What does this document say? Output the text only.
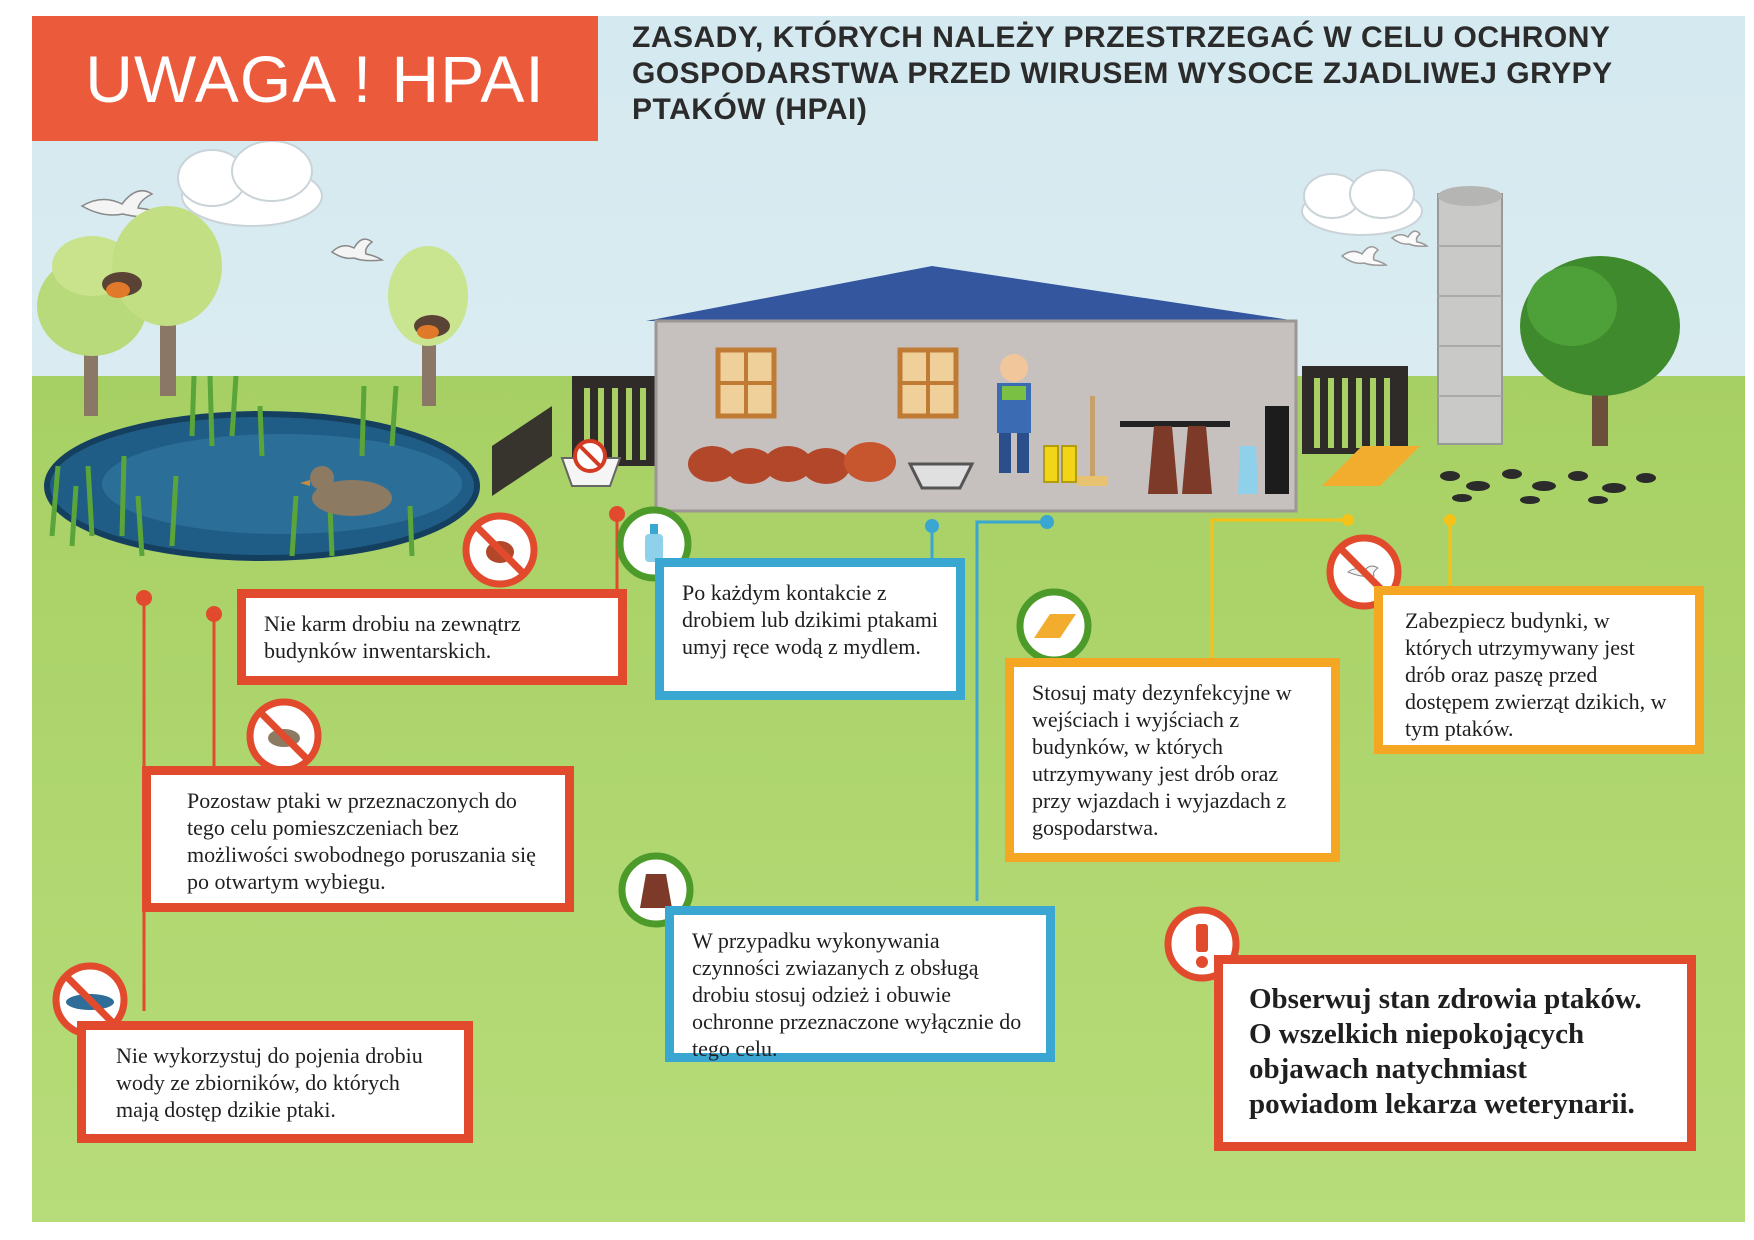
UWAGA ! HPAI
ZASADY, KTÓRYCH NALEŻY PRZESTRZEGAĆ W CELU OCHRONY GOSPODARSTWA PRZED WIRUSEM WYSOCE ZJADLIWEJ GRYPY PTAKÓW (HPAI)
Nie karm drobiu na zewnątrz budynków inwentarskich.
Po każdym kontakcie z drobiem lub dzikimi ptakami umyj ręce wodą z mydlem.
Pozostaw ptaki w przeznaczonych do tego celu pomieszczeniach bez możliwości swobodnego poruszania się po otwartym wybiegu.
Nie wykorzystuj do pojenia drobiu wody ze zbiorników, do których mają dostęp dzikie ptaki.
W przypadku wykonywania czynności zwiazanych z obsługą drobiu stosuj odzież i obuwie ochronne przeznaczone wyłącznie do tego celu.
Stosuj maty dezynfekcyjne w wejściach i wyjściach z budynków, w których utrzymywany jest drób oraz przy wjazdach i wyjazdach z gospodarstwa.
Zabezpiecz budynki, w których utrzymywany jest drób oraz paszę przed dostępem zwierząt dzikich, w tym ptaków.
Obserwuj stan zdrowia ptaków. O wszelkich niepokojących objawach natychmiast powiadom lekarza weterynarii.
